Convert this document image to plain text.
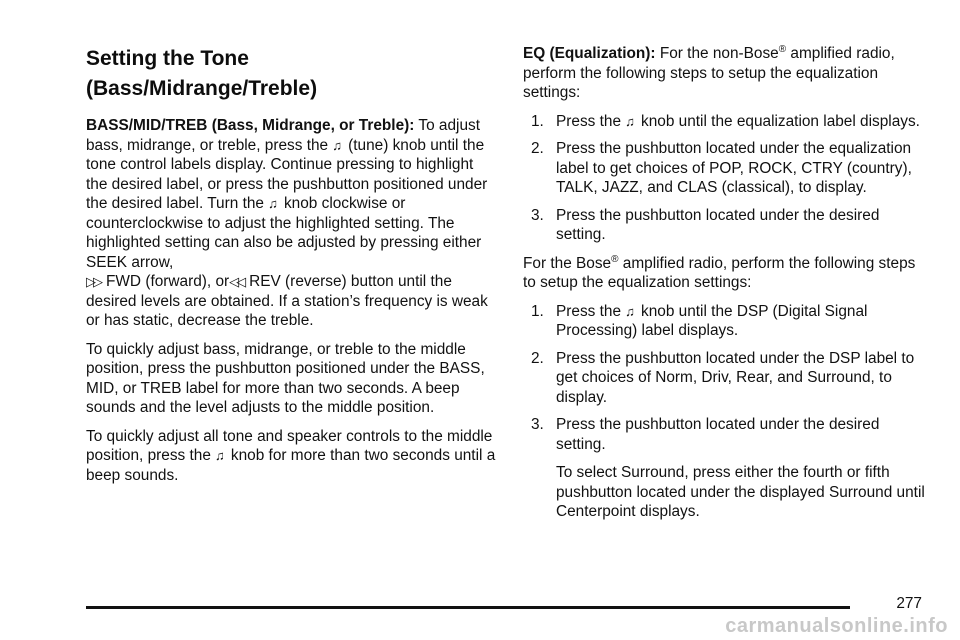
Setting the Tone
(Bass/Midrange/Treble)

BASS/MID/TREB (Bass, Midrange, or Treble): To adjust bass, midrange, or treble, press the ♫ (tune) knob until the tone control labels display. Continue pressing to highlight the desired label, or press the pushbutton positioned under the desired label. Turn the ♫ knob clockwise or counterclockwise to adjust the highlighted setting. The highlighted setting can also be adjusted by pressing either SEEK arrow,
▷▷ FWD (forward), or◁◁ REV (reverse) button until the desired levels are obtained. If a station’s frequency is weak or has static, decrease the treble.

To quickly adjust bass, midrange, or treble to the middle position, press the pushbutton positioned under the BASS, MID, or TREB label for more than two seconds. A beep sounds and the level adjusts to the middle position.

To quickly adjust all tone and speaker controls to the middle position, press the ♫ knob for more than two seconds until a beep sounds.

EQ (Equalization): For the non-Bose® amplified radio, perform the following steps to setup the equalization settings:

1. Press the ♫ knob until the equalization label displays.
2. Press the pushbutton located under the equalization label to get choices of POP, ROCK, CTRY (country), TALK, JAZZ, and CLAS (classical), to display.
3. Press the pushbutton located under the desired setting.

For the Bose® amplified radio, perform the following steps to setup the equalization settings:

1. Press the ♫ knob until the DSP (Digital Signal Processing) label displays.
2. Press the pushbutton located under the DSP label to get choices of Norm, Driv, Rear, and Surround, to display.
3. Press the pushbutton located under the desired setting.

To select Surround, press either the fourth or fifth pushbutton located under the displayed Surround until Centerpoint displays.

277
carmanualsonline.info
